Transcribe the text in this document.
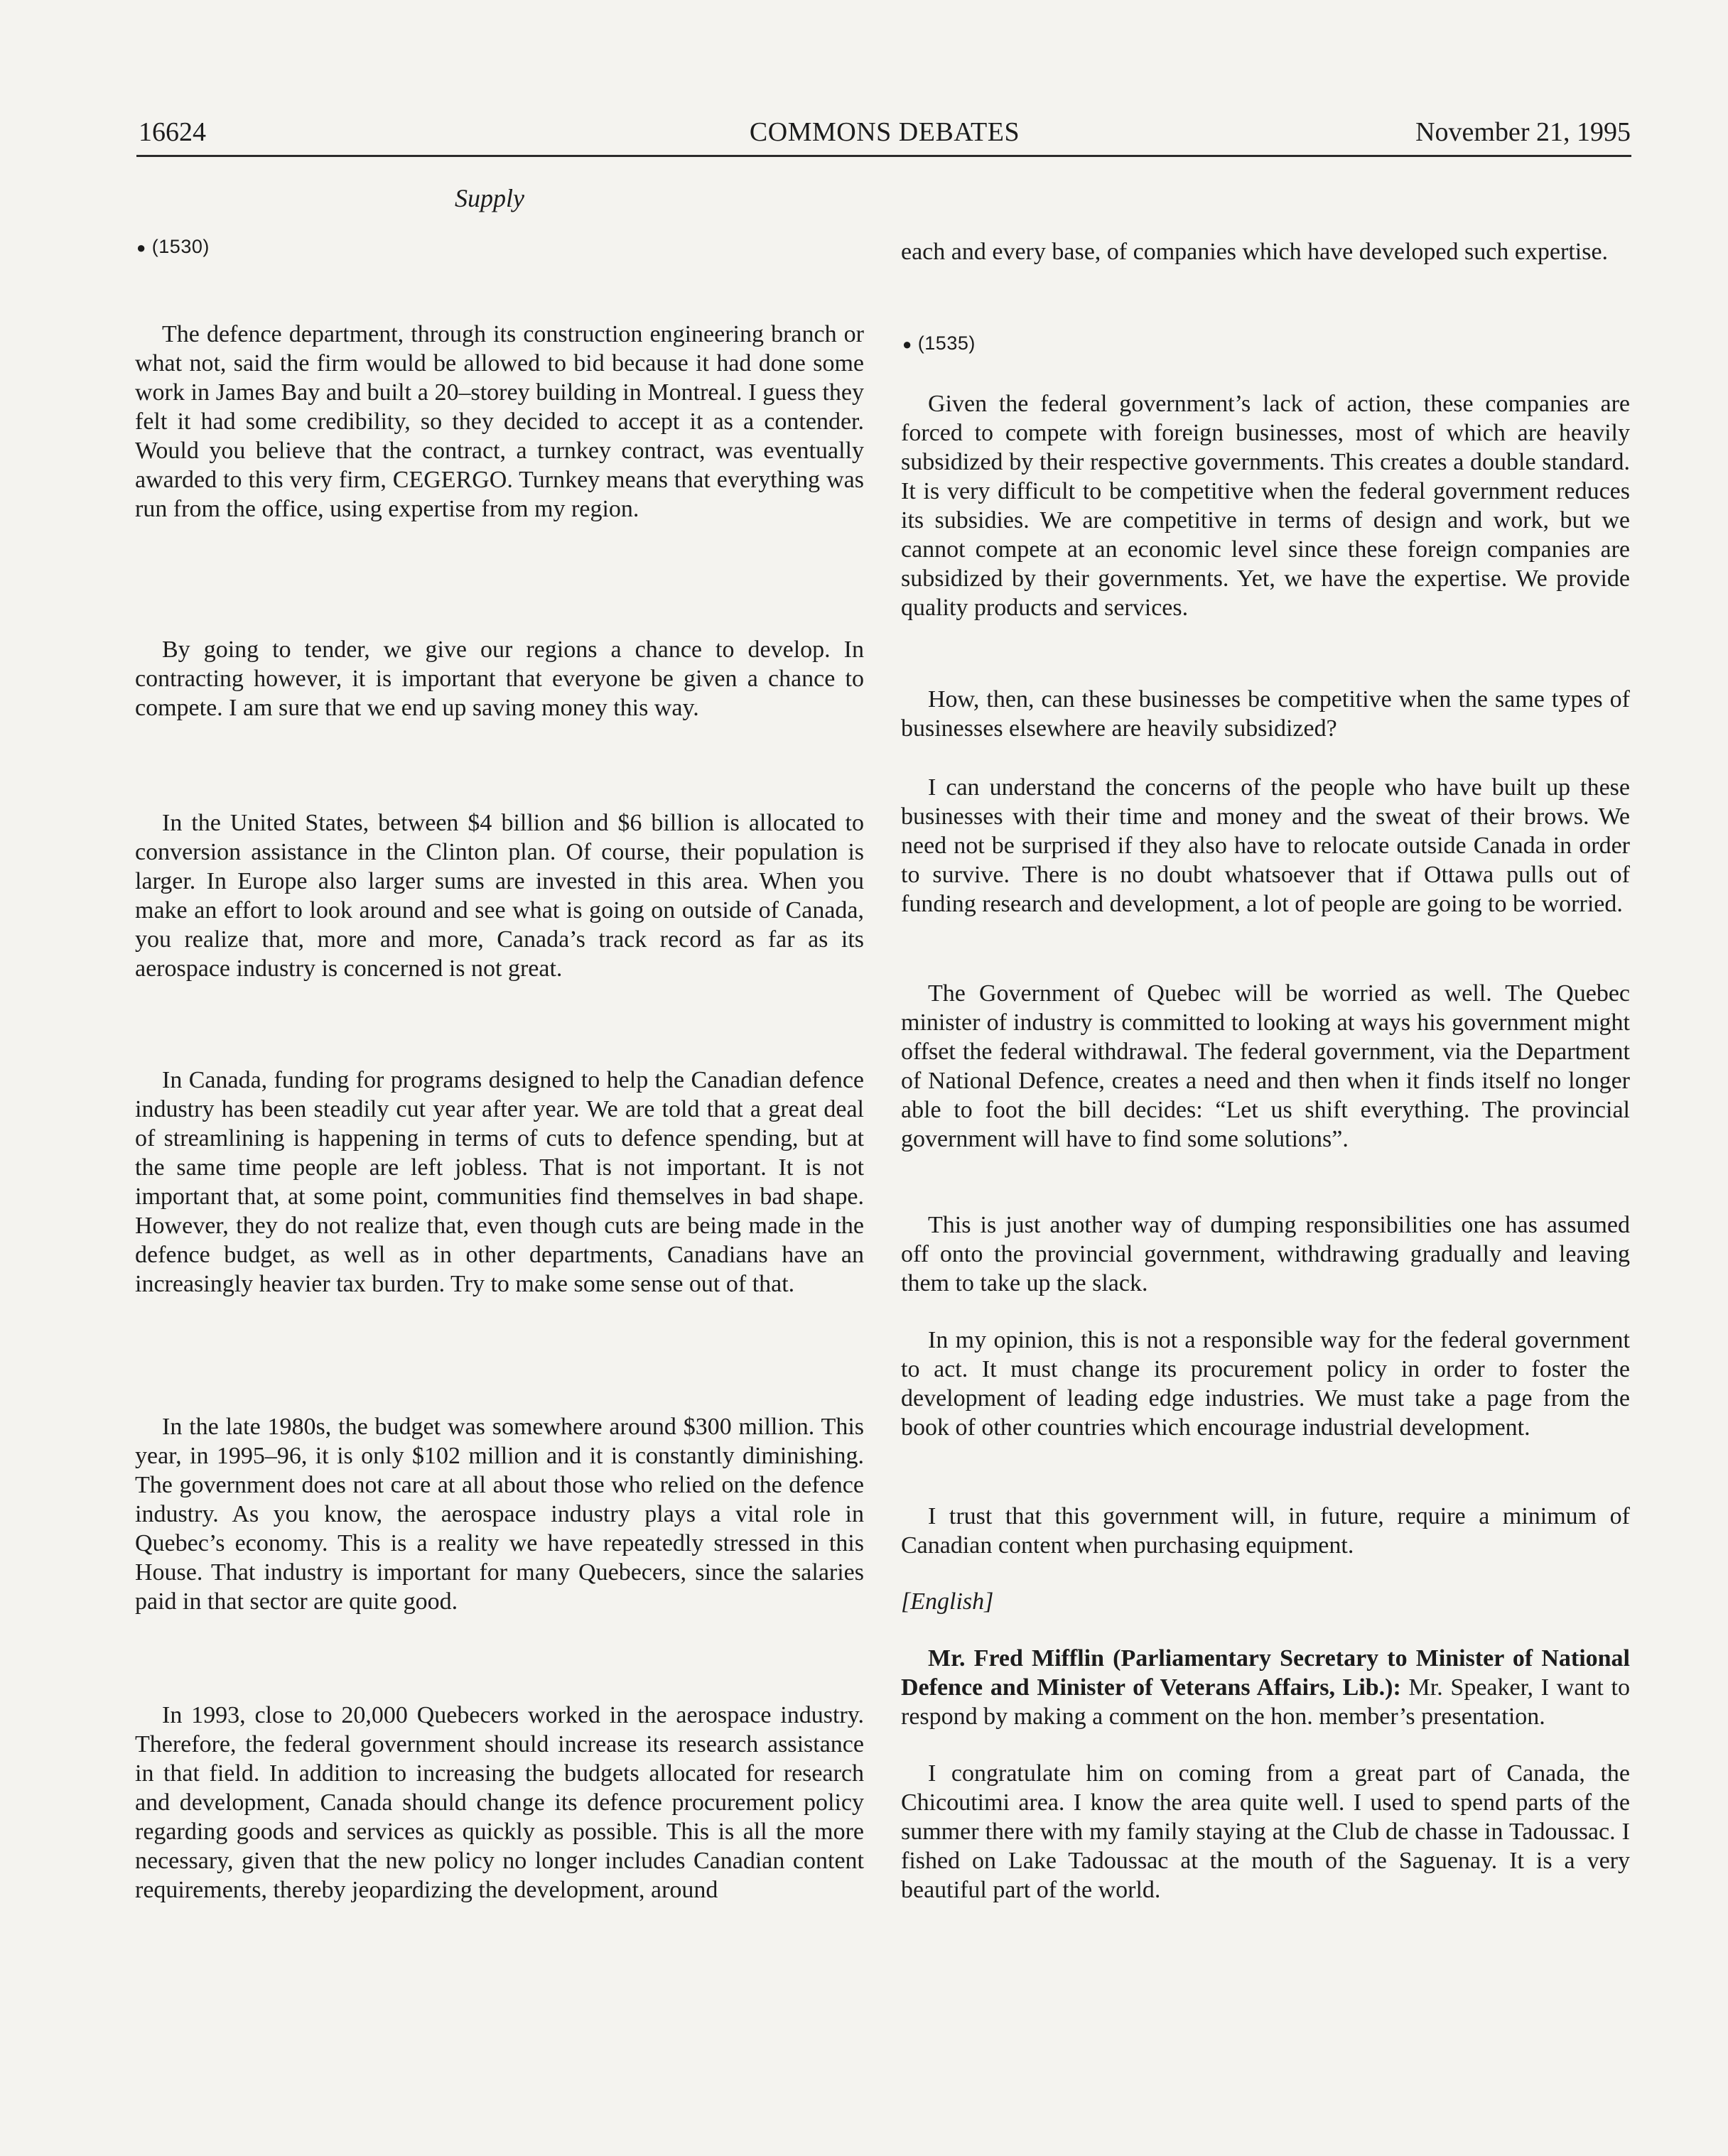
16624	COMMONS DEBATES	November 21, 1995
Supply
● (1530)

The defence department, through its construction engineering branch or what not, said the firm would be allowed to bid because it had done some work in James Bay and built a 20–storey building in Montreal. I guess they felt it had some credibility, so they decided to accept it as a contender. Would you believe that the contract, a turnkey contract, was eventually awarded to this very firm, CEGERGO. Turnkey means that everything was run from the office, using expertise from my region.

By going to tender, we give our regions a chance to develop. In contracting however, it is important that everyone be given a chance to compete. I am sure that we end up saving money this way.

In the United States, between $4 billion and $6 billion is allocated to conversion assistance in the Clinton plan. Of course, their population is larger. In Europe also larger sums are invested in this area. When you make an effort to look around and see what is going on outside of Canada, you realize that, more and more, Canada’s track record as far as its aerospace industry is concerned is not great.

In Canada, funding for programs designed to help the Canadian defence industry has been steadily cut year after year. We are told that a great deal of streamlining is happening in terms of cuts to defence spending, but at the same time people are left jobless. That is not important. It is not important that, at some point, communities find themselves in bad shape. However, they do not realize that, even though cuts are being made in the defence budget, as well as in other departments, Canadians have an increasingly heavier tax burden. Try to make some sense out of that.

In the late 1980s, the budget was somewhere around $300 million. This year, in 1995–96, it is only $102 million and it is constantly diminishing. The government does not care at all about those who relied on the defence industry. As you know, the aerospace industry plays a vital role in Quebec’s economy. This is a reality we have repeatedly stressed in this House. That industry is important for many Quebecers, since the salaries paid in that sector are quite good.

In 1993, close to 20,000 Quebecers worked in the aerospace industry. Therefore, the federal government should increase its research assistance in that field. In addition to increasing the budgets allocated for research and development, Canada should change its defence procurement policy regarding goods and services as quickly as possible. This is all the more necessary, given that the new policy no longer includes Canadian content requirements, thereby jeopardizing the development, around

each and every base, of companies which have developed such expertise.

● (1535)

Given the federal government’s lack of action, these companies are forced to compete with foreign businesses, most of which are heavily subsidized by their respective governments. This creates a double standard. It is very difficult to be competitive when the federal government reduces its subsidies. We are competitive in terms of design and work, but we cannot compete at an economic level since these foreign companies are subsidized by their governments. Yet, we have the expertise. We provide quality products and services.

How, then, can these businesses be competitive when the same types of businesses elsewhere are heavily subsidized?

I can understand the concerns of the people who have built up these businesses with their time and money and the sweat of their brows. We need not be surprised if they also have to relocate outside Canada in order to survive. There is no doubt whatsoever that if Ottawa pulls out of funding research and development, a lot of people are going to be worried.

The Government of Quebec will be worried as well. The Quebec minister of industry is committed to looking at ways his government might offset the federal withdrawal. The federal government, via the Department of National Defence, creates a need and then when it finds itself no longer able to foot the bill decides: “Let us shift everything. The provincial government will have to find some solutions”.

This is just another way of dumping responsibilities one has assumed off onto the provincial government, withdrawing gradually and leaving them to take up the slack.

In my opinion, this is not a responsible way for the federal government to act. It must change its procurement policy in order to foster the development of leading edge industries. We must take a page from the book of other countries which encourage industrial development.

I trust that this government will, in future, require a minimum of Canadian content when purchasing equipment.

[English]

Mr. Fred Mifflin (Parliamentary Secretary to Minister of National Defence and Minister of Veterans Affairs, Lib.): Mr. Speaker, I want to respond by making a comment on the hon. member’s presentation.

I congratulate him on coming from a great part of Canada, the Chicoutimi area. I know the area quite well. I used to spend parts of the summer there with my family staying at the Club de chasse in Tadoussac. I fished on Lake Tadoussac at the mouth of the Saguenay. It is a very beautiful part of the world.
